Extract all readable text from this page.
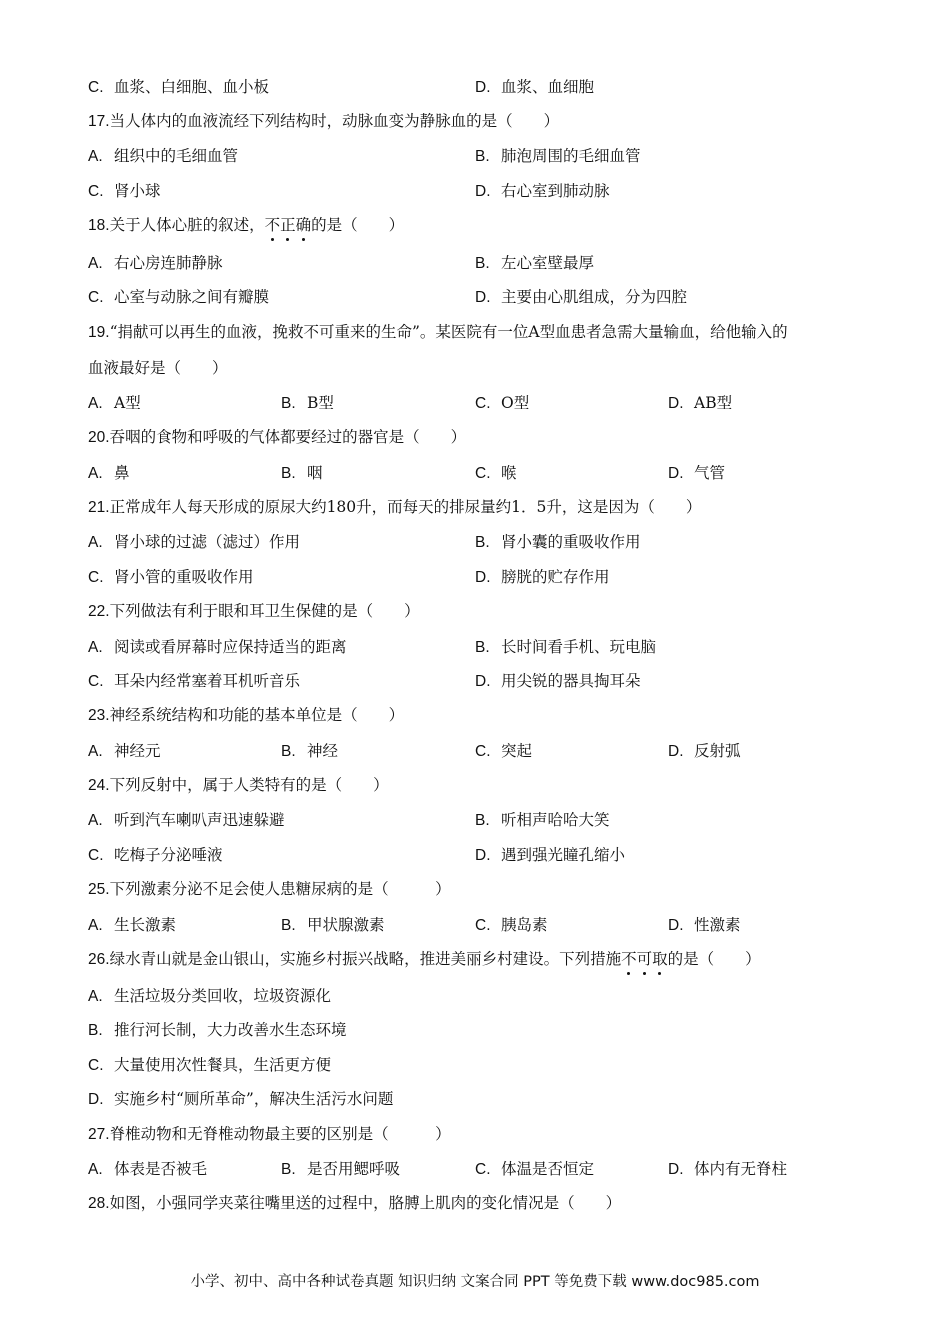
C. 血浆、白细胞、血小板	D. 血浆、血细胞
17.当人体内的血液流经下列结构时，动脉血变为静脉血的是（　　）
A. 组织中的毛细血管	B. 肺泡周围的毛细血管
C. 肾小球	D. 右心室到肺动脉
18.关于人体心脏的叙述，不正确的是（　　）
A. 右心房连肺静脉	B. 左心室壁最厚
C. 心室与动脉之间有瓣膜	D. 主要由心肌组成，分为四腔
19.“捐献可以再生的血液，挽救不可重来的生命”。某医院有一位A型血患者急需大量输血，给他输入的
血液最好是（　　）
A. A型	B. B型	C. O型	D. AB型
20.吞咽的食物和呼吸的气体都要经过的器官是（　　）
A. 鼻	B. 咽	C. 喉	D. 气管
21.正常成年人每天形成的原尿大约180升，而每天的排尿量约1．5升，这是因为（　　）
A. 肾小球的过滤（滤过）作用	B. 肾小囊的重吸收作用
C. 肾小管的重吸收作用	D. 膀胱的贮存作用
22.下列做法有利于眼和耳卫生保健的是（　　）
A. 阅读或看屏幕时应保持适当的距离	B. 长时间看手机、玩电脑
C. 耳朵内经常塞着耳机听音乐	D. 用尖锐的器具掏耳朵
23.神经系统结构和功能的基本单位是（　　）
A. 神经元	B. 神经	C. 突起	D. 反射弧
24.下列反射中，属于人类特有的是（　　）
A. 听到汽车喇叭声迅速躲避	B. 听相声哈哈大笑
C. 吃梅子分泌唾液	D. 遇到强光瞳孔缩小
25.下列激素分泌不足会使人患糖尿病的是（　　　）
A. 生长激素	B. 甲状腺激素	C. 胰岛素	D. 性激素
26.绿水青山就是金山银山，实施乡村振兴战略，推进美丽乡村建设。下列措施不可取的是（　　）
A. 生活垃圾分类回收，垃圾资源化
B. 推行河长制，大力改善水生态环境
C. 大量使用次性餐具，生活更方便
D. 实施乡村“厕所革命”，解决生活污水问题
27.脊椎动物和无脊椎动物最主要的区别是（　　　）
A. 体表是否被毛	B. 是否用鳃呼吸	C. 体温是否恒定	D. 体内有无脊柱
28.如图，小强同学夹菜往嘴里送的过程中，胳膊上肌肉的变化情况是（　　）
小学、初中、高中各种试卷真题 知识归纳 文案合同 PPT 等免费下载 www.doc985.com
